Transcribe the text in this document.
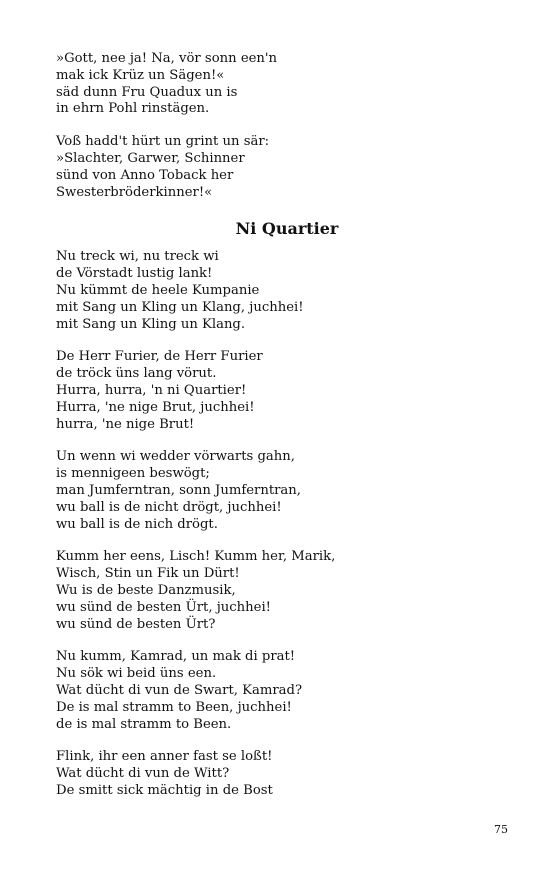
»Gott, nee ja! Na, vör sonn een'n
mak ick Krüz un Sägen!«
säd dunn Fru Quadux un is
in ehrn Pohl rinstägen.
Voß hadd't hürt un grint un sär:
»Slachter, Garwer, Schinner
sünd von Anno Toback her
Swesterbröderkinner!«
Ni Quartier
Nu treck wi, nu treck wi
de Vörstadt lustig lank!
Nu kümmt de heele Kumpanie
mit Sang un Kling un Klang, juchhei!
mit Sang un Kling un Klang.
De Herr Furier, de Herr Furier
de tröck üns lang vörut.
Hurra, hurra, 'n ni Quartier!
Hurra, 'ne nige Brut, juchhei!
hurra, 'ne nige Brut!
Un wenn wi wedder vörwarts gahn,
is mennigeen beswögt;
man Jumferntran, sonn Jumferntran,
wu ball is de nicht drögt, juchhei!
wu ball is de nich drögt.
Kumm her eens, Lisch! Kumm her, Marik,
Wisch, Stin un Fik un Dürt!
Wu is de beste Danzmusik,
wu sünd de besten Ürt, juchhei!
wu sünd de besten Ürt?
Nu kumm, Kamrad, un mak di prat!
Nu sök wi beid üns een.
Wat dücht di vun de Swart, Kamrad?
De is mal stramm to Been, juchhei!
de is mal stramm to Been.
Flink, ihr een anner fast se loßt!
Wat dücht di vun de Witt?
De smitt sick mächtig in de Bost
75
